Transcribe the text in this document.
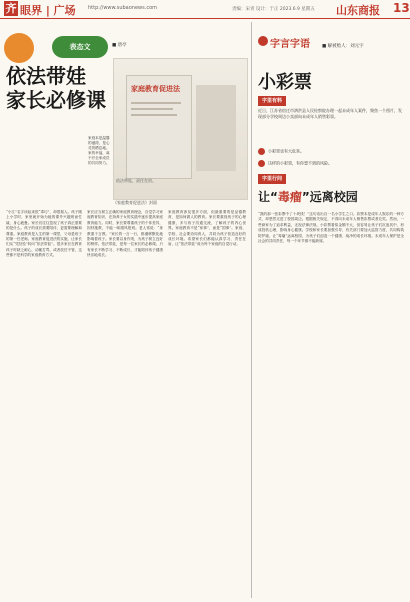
齐 眼界 | 广场 http://www.subaonews.com	责编：宋青 设计：于正 2023.6.9 星期五 山东商报 13
表态文	■ 唐亭
依法带娃
家长必修课	家庭教育促进法
依法带娃，责任在肩。
家庭本是温馨的港湾，是心灵的栖息地。家的幸福，离不开全家成员的共同努力。
《家庭教育促进法》封面
“小江”名字读起来很“乖巧”，却很黏人。孩子刚上小学时，家里就开始为她的课外兴趣班而忙碌，身心疲惫。家长们往往忽视了孩子真正需要的是什么。孩子的成长需要陪伴，更需要理解和尊重。家庭教育是人生的第一课堂，父母是孩子的第一任老师。家庭教育促进法的实施，让家长们从“凭经验”转向“依法带娃”。很多家长在教育孩子时缺乏耐心，动辄打骂，或者放任不管，这些都不是科学的家庭教育方式。
家长应当树立正确的家庭教育理念，自觉学习家庭教育知识，在拚养子女的实践中逐步提高家庭教育能力。同时，家长要尊重孩子的个体差异，因材施教，不能一味跟风报班。老人常说：“身教重于言教。”家长的一言一行，都潜移默化地影响着孩子。家长要以身作则，为孩子树立良好的榜样。依法带娃，是每一位家长的必修课。只有家长不断学习、不断成长，才能陪伴孩子健康快乐地成长。
家庭教育涉及很多方面，但最重要的是品德教育，是如何做人的教育。家长要重视孩子的心理健康，多与孩子沟通交流，了解孩子的内心世界。家庭教育不是“家事”，而是“国事”。家庭、学校、社会要协同育人，共同为孩子营造良好的成长环境。希望家长们都能认真学习、责任在肩，让“依法带娃”成为每个家庭的自觉行动。
字言字语	■ 解被贻人：刘元宇
小彩票
字里有料
近日，江苏省宿迁市泗洪县人民检察院办理一起未成年人案件，聚焦一个图片，发现部分学校周边小卖部向未成年人销售彩票。
小彩票也有大危害。
这样的小彩票，有你想不到的风险。
字里行间
让“毒瘤”远离校园
“我的那一张彩票中了十块钱！”这句话出自一名小学生之口。彩票本是成年人娱乐的一种方式，却惄然走进了校园周边。根据相关规定，不得向未成年人销售彩票或者兑奖。然而，一些商家为了追求利益，无视法律法规。小彩票看似金额不大，但容易让孩子们沉迷其中，形成投机心理，影响身心健康。学校和家长要加强引导，有关部门要加大监管力度，共同构筑防护墙，让“毒瘤”远离校园，为孩子们创造一个健康、纯净的成长环境。未成年人保护是全社会的共同责任，每一个环节都不能缺席。
